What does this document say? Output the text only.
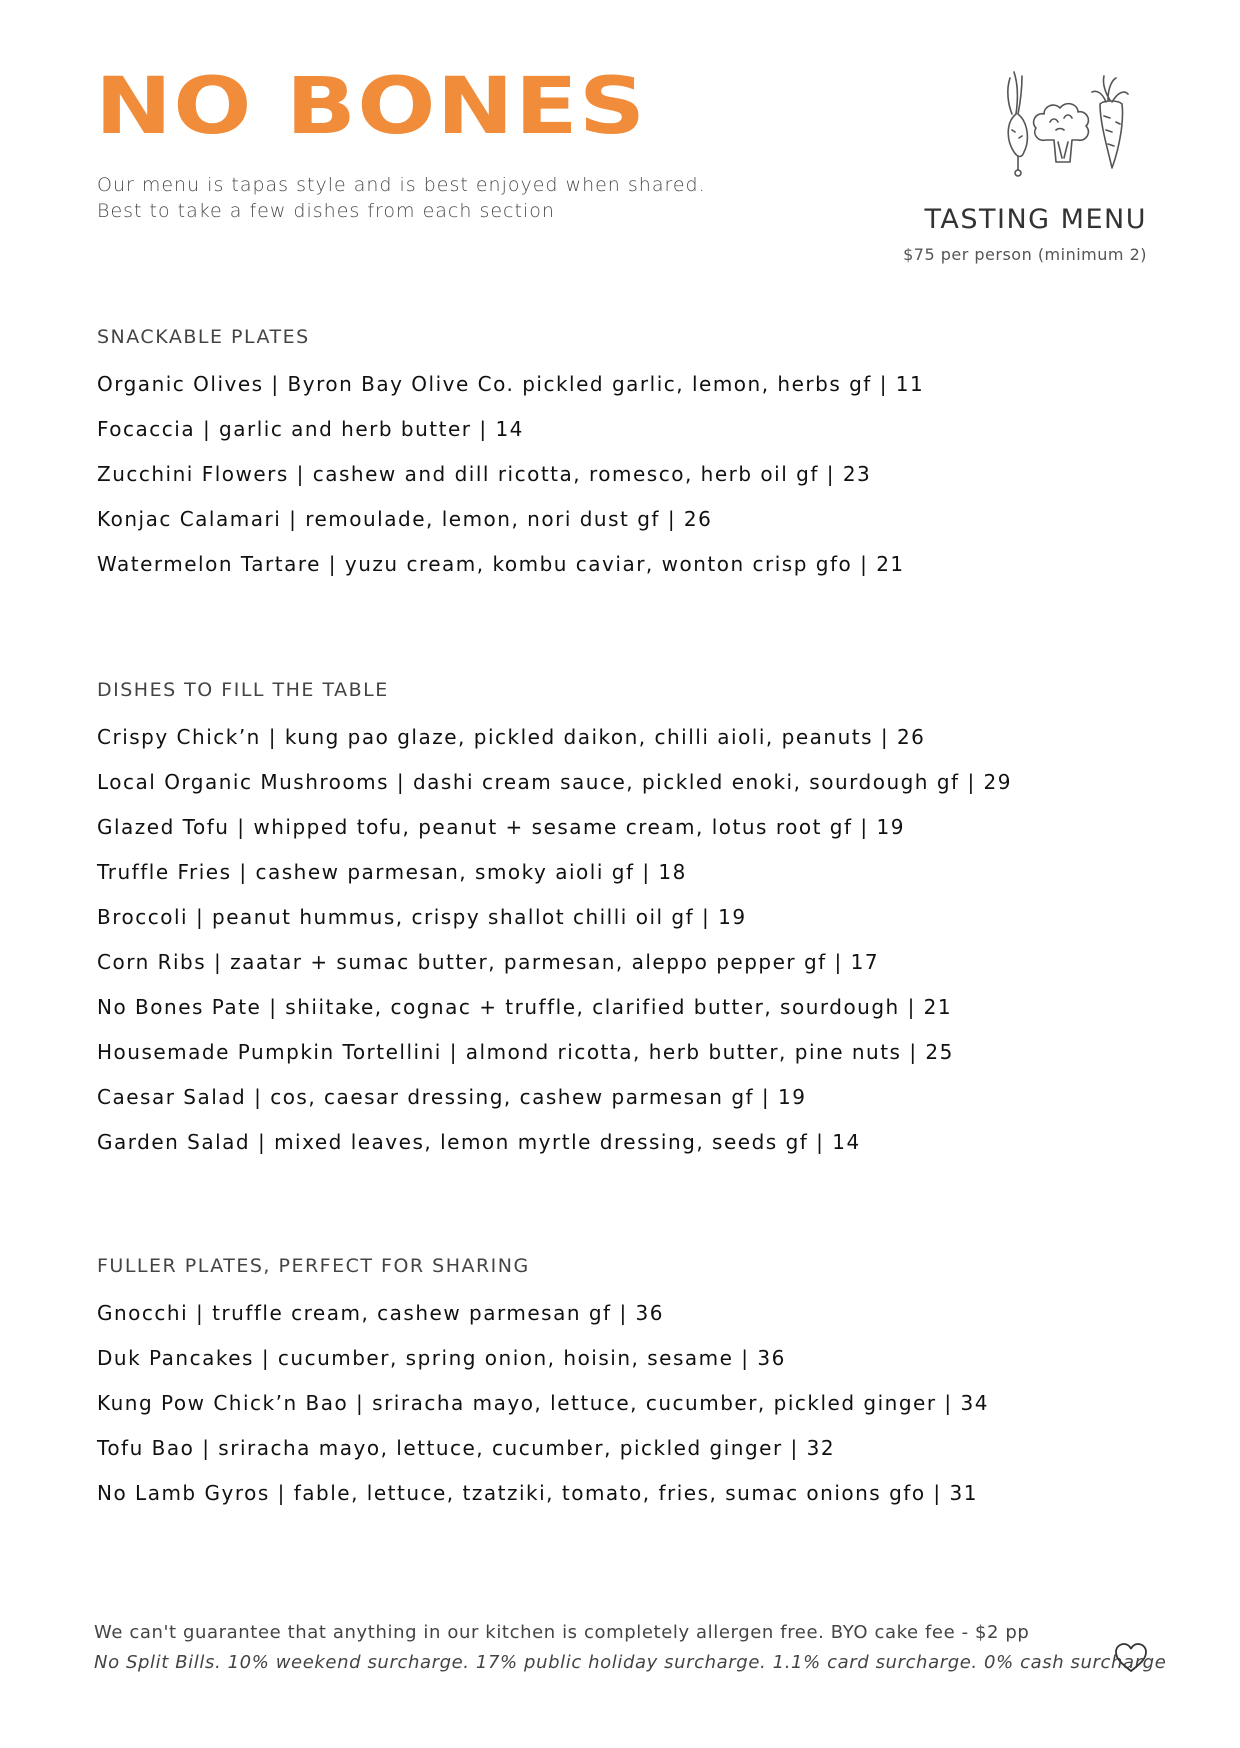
NO BONES
Our menu is tapas style and is best enjoyed when shared.
Best to take a few dishes from each section	TASTING MENU
$75 per person (minimum 2)
SNACKABLE PLATES
Organic Olives | Byron Bay Olive Co. pickled garlic, lemon, herbs gf | 11
Focaccia | garlic and herb butter | 14
Zucchini Flowers | cashew and dill ricotta, romesco, herb oil gf | 23
Konjac Calamari | remoulade, lemon, nori dust gf | 26
Watermelon Tartare | yuzu cream, kombu caviar, wonton crisp gfo | 21
DISHES TO FILL THE TABLE
Crispy Chick’n | kung pao glaze, pickled daikon, chilli aioli, peanuts | 26
Local Organic Mushrooms | dashi cream sauce, pickled enoki, sourdough gf | 29
Glazed Tofu | whipped tofu, peanut + sesame cream, lotus root gf | 19
Truffle Fries | cashew parmesan, smoky aioli gf | 18
Broccoli | peanut hummus, crispy shallot chilli oil gf | 19
Corn Ribs | zaatar + sumac butter, parmesan, aleppo pepper gf | 17
No Bones Pate | shiitake, cognac + truffle, clarified butter, sourdough | 21
Housemade Pumpkin Tortellini | almond ricotta, herb butter, pine nuts | 25
Caesar Salad | cos, caesar dressing, cashew parmesan gf | 19
Garden Salad | mixed leaves, lemon myrtle dressing, seeds gf | 14
FULLER PLATES, PERFECT FOR SHARING
Gnocchi | truffle cream, cashew parmesan gf | 36
Duk Pancakes | cucumber, spring onion, hoisin, sesame | 36
Kung Pow Chick’n Bao | sriracha mayo, lettuce, cucumber, pickled ginger | 34
Tofu Bao | sriracha mayo, lettuce, cucumber, pickled ginger | 32
No Lamb Gyros | fable, lettuce, tzatziki, tomato, fries, sumac onions gfo | 31
We can't guarantee that anything in our kitchen is completely allergen free. BYO cake fee - $2 pp
No Split Bills. 10% weekend surcharge. 17% public holiday surcharge. 1.1% card surcharge. 0% cash surcharge
